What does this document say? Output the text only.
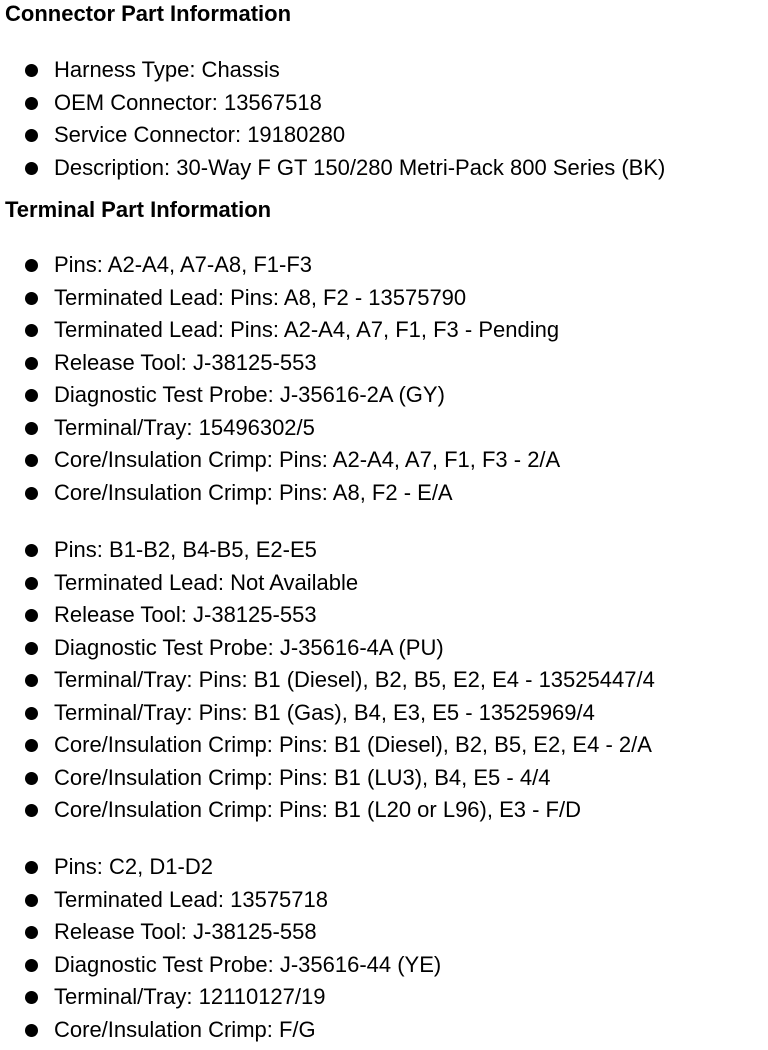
Connector Part Information
Harness Type: Chassis
OEM Connector: 13567518
Service Connector: 19180280
Description: 30-Way F GT 150/280 Metri-Pack 800 Series (BK)
Terminal Part Information
Pins: A2-A4, A7-A8, F1-F3
Terminated Lead: Pins: A8, F2 - 13575790
Terminated Lead: Pins: A2-A4, A7, F1, F3 - Pending
Release Tool: J-38125-553
Diagnostic Test Probe: J-35616-2A (GY)
Terminal/Tray: 15496302/5
Core/Insulation Crimp: Pins: A2-A4, A7, F1, F3 - 2/A
Core/Insulation Crimp: Pins: A8, F2 - E/A
Pins: B1-B2, B4-B5, E2-E5
Terminated Lead: Not Available
Release Tool: J-38125-553
Diagnostic Test Probe: J-35616-4A (PU)
Terminal/Tray: Pins: B1 (Diesel), B2, B5, E2, E4 - 13525447/4
Terminal/Tray: Pins: B1 (Gas), B4, E3, E5 - 13525969/4
Core/Insulation Crimp: Pins: B1 (Diesel), B2, B5, E2, E4 - 2/A
Core/Insulation Crimp: Pins: B1 (LU3), B4, E5 - 4/4
Core/Insulation Crimp: Pins: B1 (L20 or L96), E3 - F/D
Pins: C2, D1-D2
Terminated Lead: 13575718
Release Tool: J-38125-558
Diagnostic Test Probe: J-35616-44 (YE)
Terminal/Tray: 12110127/19
Core/Insulation Crimp: F/G
